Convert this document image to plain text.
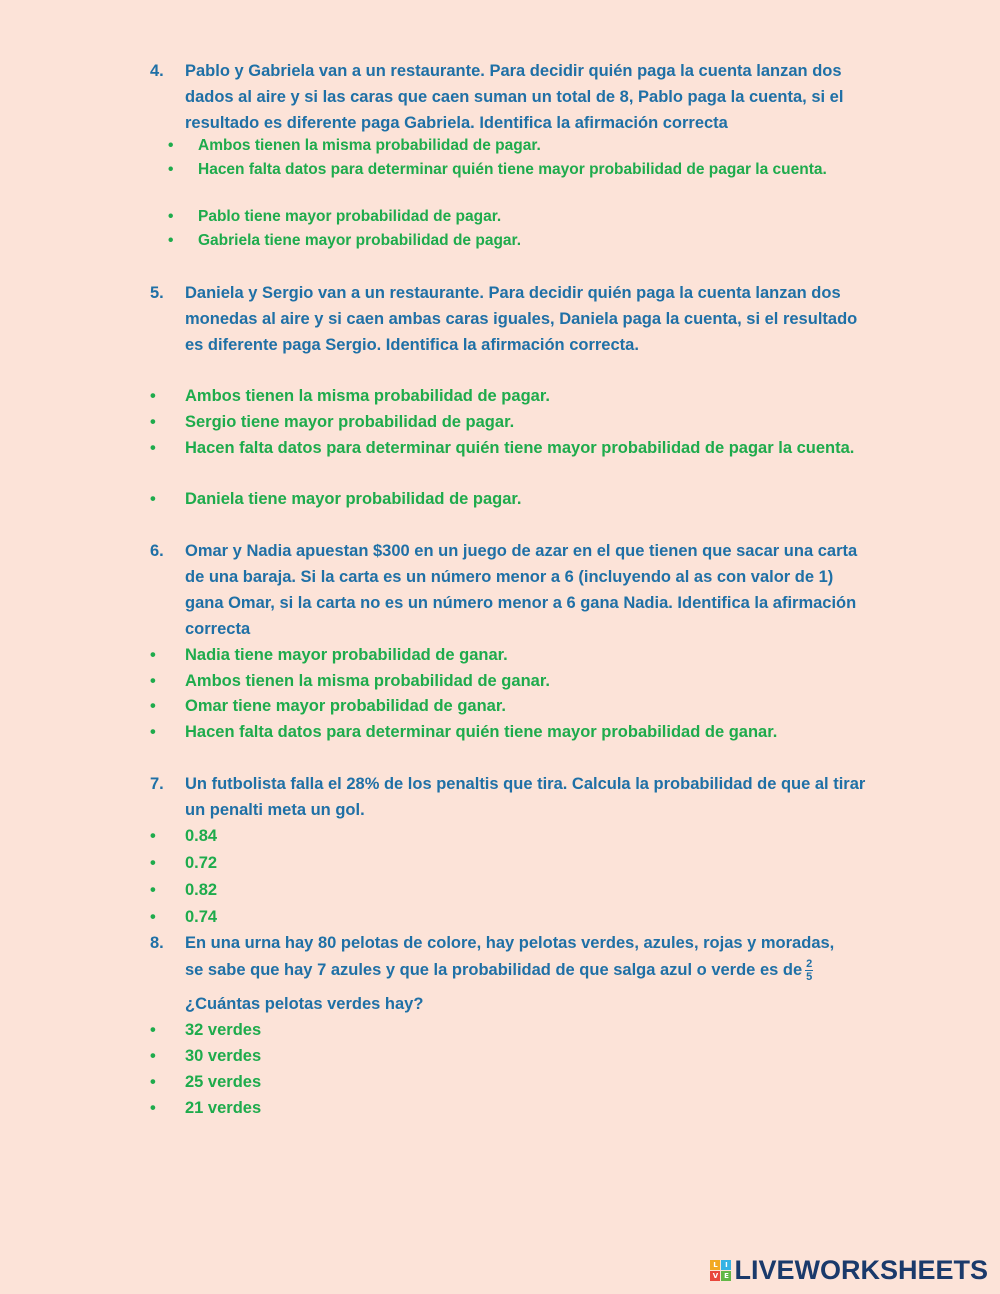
4. Pablo y Gabriela van a un restaurante. Para decidir quién paga la cuenta lanzan dos dados al aire y si las caras que caen suman un total de 8, Pablo paga la cuenta, si el resultado es diferente paga Gabriela. Identifica la afirmación correcta
• Ambos tienen la misma probabilidad de pagar.
• Hacen falta datos para determinar quién tiene mayor probabilidad de pagar la cuenta.
• Pablo tiene mayor probabilidad de pagar.
• Gabriela tiene mayor probabilidad de pagar.
5. Daniela y Sergio van a un restaurante. Para decidir quién paga la cuenta lanzan dos monedas al aire y si caen ambas caras iguales, Daniela paga la cuenta, si el resultado es diferente paga Sergio. Identifica la afirmación correcta.
• Ambos tienen la misma probabilidad de pagar.
• Sergio tiene mayor probabilidad de pagar.
• Hacen falta datos para determinar quién tiene mayor probabilidad de pagar la cuenta.
• Daniela tiene mayor probabilidad de pagar.
6. Omar y Nadia apuestan $300 en un juego de azar en el que tienen que sacar una carta de una baraja. Si la carta es un número menor a 6 (incluyendo al as con valor de 1) gana Omar, si la carta no es un número menor a 6 gana Nadia. Identifica la afirmación correcta
• Nadia tiene mayor probabilidad de ganar.
• Ambos tienen la misma probabilidad de ganar.
• Omar tiene mayor probabilidad de ganar.
• Hacen falta datos para determinar quién tiene mayor probabilidad de ganar.
7. Un futbolista falla el 28% de los penaltis que tira. Calcula la probabilidad de que al tirar un penalti meta un gol.
• 0.84
• 0.72
• 0.82
• 0.74
8. En una urna hay 80 pelotas de colore, hay pelotas verdes, azules, rojas y moradas,
se sabe que hay 7 azules y que la probabilidad de que salga azul o verde es de $\frac{2}{5}$
¿Cuántas pelotas verdes hay?
• 32 verdes
• 30 verdes
• 25 verdes
• 21 verdes
L	I
V E LIVEWORKSHEETS
